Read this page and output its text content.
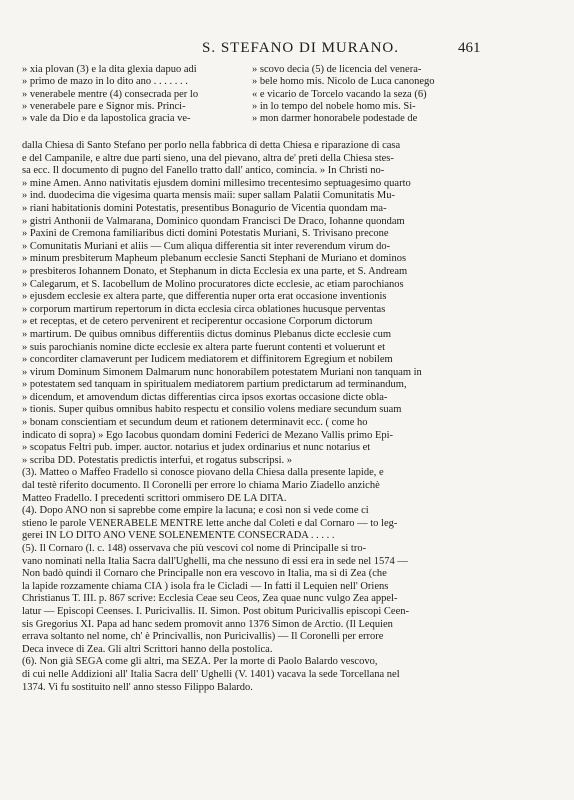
S. STEFANO DI MURANO.	461
» xia plovan (3) e la dita glexia dapuo adi
» primo de mazo in lo dito ano . . . . . . .
» venerabele mentre (4) consecrada per lo
» venerabele pare e Signor mis. Princi-
» vale da Dio e da lapostolica gracia ve-
» scovo decia (5) de licencia del venera-
» bele homo mis. Nicolo de Luca canonego
« e vicario de Torcelo vacando la seza (6)
» in lo tempo del nobele homo mis. Si-
» mon darmer honorabele podestade de
dalla Chiesa di Santo Stefano per porlo nella fabbrica di detta Chiesa e riparazione di casa
e del Campanile, e altre due parti sieno, una del pievano, altra de' preti della Chiesa stes-
sa ecc. Il documento di pugno del Fanello tratto dall' antico, comincia. » In Christi no-
» mine Amen. Anno nativitatis ejusdem domini millesimo trecentesimo septuagesimo quarto
» ind. duodecima die vigesima quarta mensis maii: super sallam Palatii Comunitatis Mu-
» riani habitationis domini Potestatis, presentibus Bonagurio de Vicentia quondam ma-
» gistri Anthonii de Valmarana, Dominico quondam Francisci De Draco, Iohanne quondam
» Paxini de Cremona familiaribus dicti domini Potestatis Muriani, S. Trivisano precone
» Comunitatis Muriani et aliis — Cum aliqua differentia sit inter reverendum virum do-
» minum presbiterum Mapheum plebanum ecclesie Sancti Stephani de Muriano et dominos
» presbiteros Iohannem Donato, et Stephanum in dicta Ecclesia ex una parte, et S. Andream
» Calegarum, et S. Iacobellum de Molino procuratores dicte ecclesie, ac etiam parochianos
» ejusdem ecclesie ex altera parte, que differentia nuper orta erat occasione inventionis
» corporum martirum repertorum in dicta ecclesia circa oblationes hucusque perventas
» et receptas, et de cetero pervenirent et reciperentur occasione Corporum dictorum
» martirum. De quibus omnibus differentiis dictus dominus Plebanus dicte ecclesie cum
» suis parochianis nomine dicte ecclesie ex altera parte fuerunt contenti et voluerunt et
» concorditer clamaverunt per Iudicem mediatorem et diffinitorem Egregium et nobilem
» virum Dominum Simonem Dalmarum nunc honorabilem potestatem Muriani non tanquam in
» potestatem sed tanquam in spiritualem mediatorem partium predictarum ad terminandum,
» dicendum, et amovendum dictas differentias circa ipsos exortas occasione dicte obla-
» tionis. Super quibus omnibus habito respectu et consilio volens mediare secundum suam
» bonam conscientiam et secundum deum et rationem determinavit ecc. ( come ho
indicato di sopra) » Ego Iacobus quondam domini Federici de Mezano Vallis primo Epi-
» scopatus Feltri pub. imper. auctor. notarius et judex ordinarius et nunc notarius et
» scriba DD. Potestatis predictis interfui, et rogatus subscripsi. »
(3). Matteo o Maffeo Fradello si conosce piovano della Chiesa dalla presente lapide, e
dal testè riferito documento. Il Coronelli per errore lo chiama Mario Ziadello anzichè
Matteo Fradello. I precedenti scrittori ommisero DE LA DITA.
(4). Dopo ANO non si saprebbe come empire la lacuna; e così non si vede come ci
stieno le parole VENERABELE MENTRE lette anche dal Coleti e dal Cornaro — to leg-
gerei IN LO DITO ANO VENE SOLENEMENTE CONSECRADA . . . . .
(5). Il Cornaro (l. c. 148) osservava che più vescovi col nome di Principalle si tro-
vano nominati nella Italia Sacra dall'Ughelli, ma che nessuno di essi era in sede nel 1574 —
Non badò quindi il Cornaro che Principalle non era vescovo in Italia, ma si di Zea (che
la lapide rozzamente chiama CIA ) isola fra le Cicladi — In fatti il Lequien nell' Oriens
Christianus T. III. p. 867 scrive: Ecclesia Ceae seu Ceos, Zea quae nunc vulgo Zea appel-
latur — Episcopi Ceenses. I. Puricivallis. II. Simon. Post obitum Puricivallis episcopi Ceen-
sis Gregorius XI. Papa ad hanc sedem promovit anno 1376 Simon de Arctio. (Il Lequien
errava soltanto nel nome, ch' è Princivallis, non Puricivallis) — Il Coronelli per errore
Deca invece di Zea. Gli altri Scrittori hanno della postolica.
(6). Non già SEGA come gli altri, ma SEZA. Per la morte di Paolo Balardo vescovo,
di cui nelle Addizioni all' Italia Sacra dell' Ughelli (V. 1401) vacava la sede Torcellana nel
1374. Vi fu sostituito nell' anno stesso Filippo Balardo.
